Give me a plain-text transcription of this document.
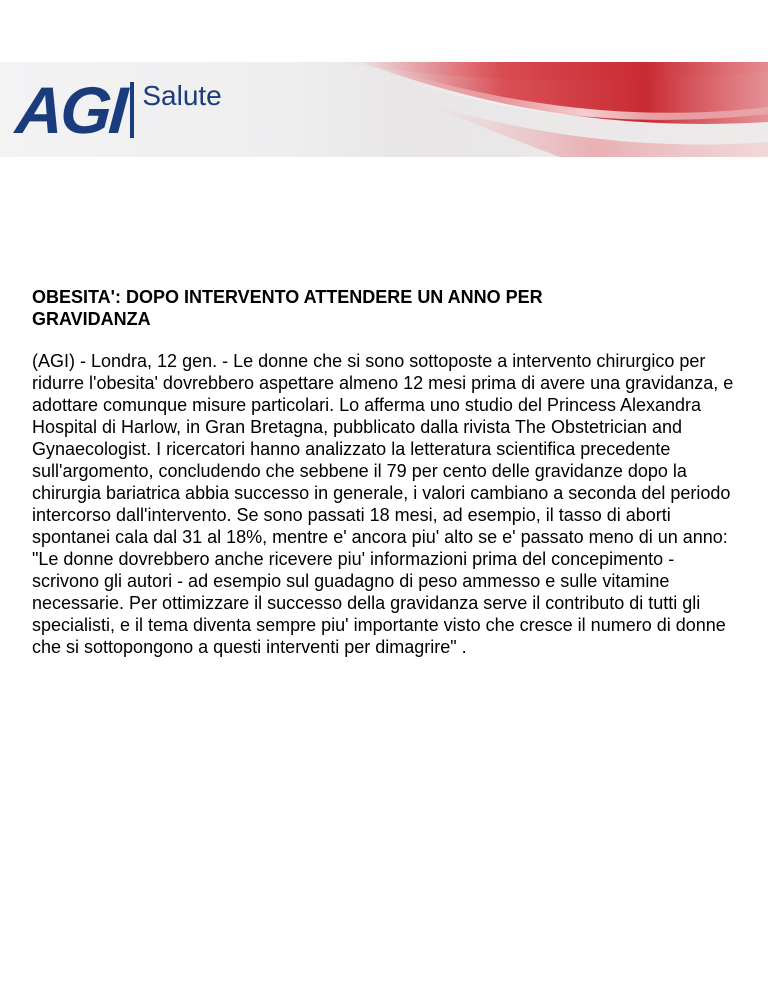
AGI Salute
OBESITA': DOPO INTERVENTO ATTENDERE UN ANNO PER GRAVIDANZA

(AGI) - Londra, 12 gen. - Le donne che si sono sottoposte a intervento chirurgico per ridurre l'obesita' dovrebbero aspettare almeno 12 mesi prima di avere una gravidanza, e adottare comunque misure particolari. Lo afferma uno studio del Princess Alexandra Hospital di Harlow, in Gran Bretagna, pubblicato dalla rivista The Obstetrician and Gynaecologist. I ricercatori hanno analizzato la letteratura scientifica precedente sull'argomento, concludendo che sebbene il 79 per cento delle gravidanze dopo la chirurgia bariatrica abbia successo in generale, i valori cambiano a seconda del periodo intercorso dall'intervento. Se sono passati 18 mesi, ad esempio, il tasso di aborti spontanei cala dal 31 al 18%, mentre e' ancora piu' alto se e' passato meno di un anno: "Le donne dovrebbero anche ricevere piu' informazioni prima del concepimento - scrivono gli autori - ad esempio sul guadagno di peso ammesso e sulle vitamine necessarie. Per ottimizzare il successo della gravidanza serve il contributo di tutti gli specialisti, e il tema diventa sempre piu' importante visto che cresce il numero di donne che si sottopongono a questi interventi per dimagrire" .
